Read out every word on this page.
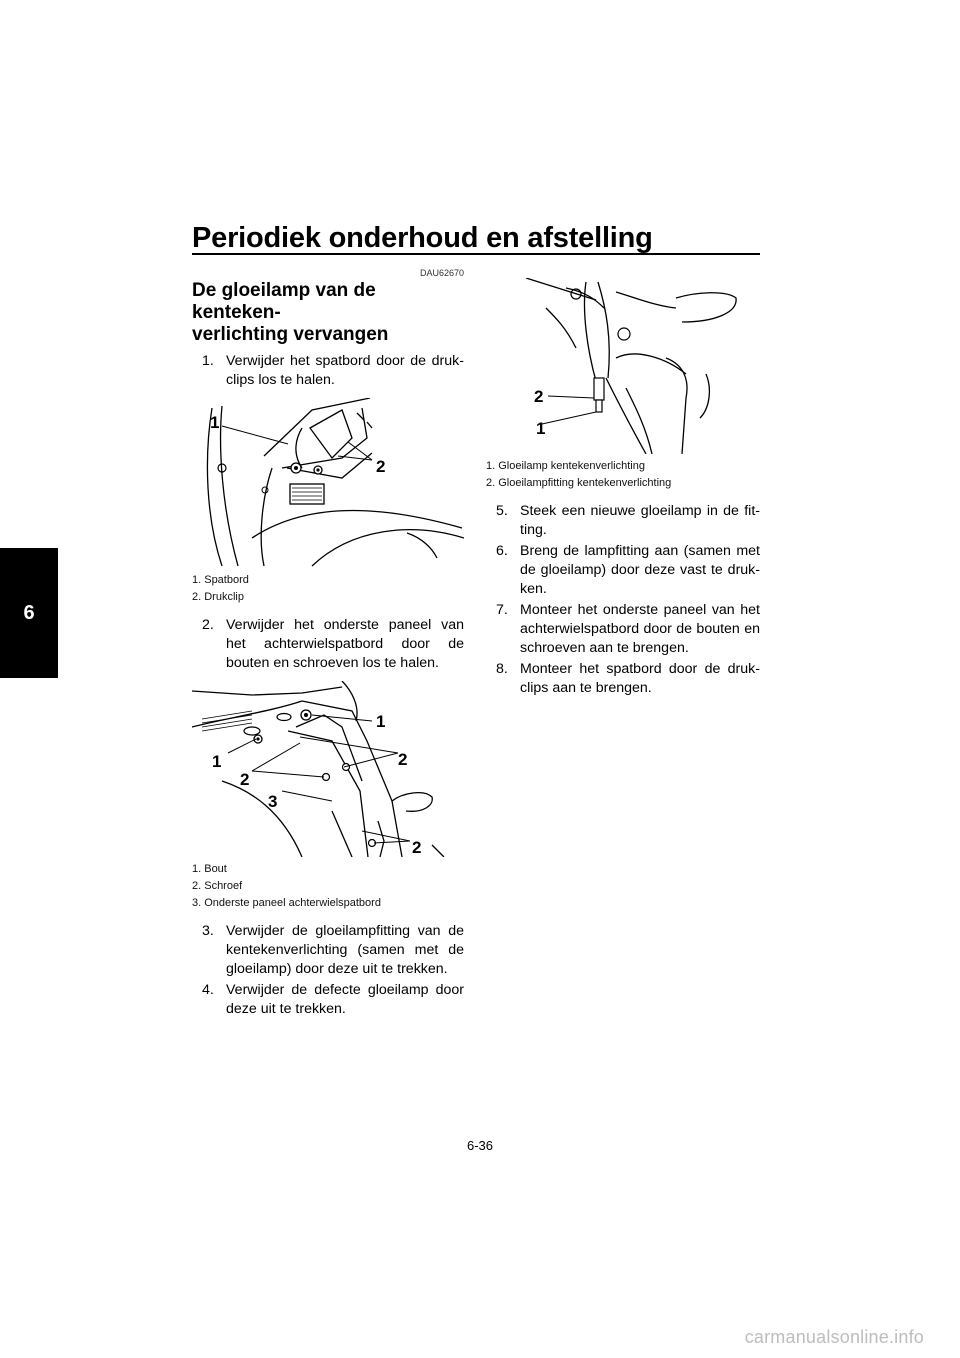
Periodiek onderhoud en afstelling
6
DAU62670
De gloeilamp van de kenteken-
verlichting vervangen
1. Verwijder het spatbord door de druk-clips los te halen.
1
2
1. Spatbord
2. Drukclip
2. Verwijder het onderste paneel van het achterwielspatbord door de bouten en schroeven los te halen.
1
1	2
2
2
3
1. Bout
2. Schroef
3. Onderste paneel achterwielspatbord
3. Verwijder de gloeilampfitting van de kentekenverlichting (samen met de gloeilamp) door deze uit te trekken.
4. Verwijder de defecte gloeilamp door deze uit te trekken.
2
1
1. Gloeilamp kentekenverlichting
2. Gloeilampfitting kentekenverlichting
5. Steek een nieuwe gloeilamp in de fit-ting.
6. Breng de lampfitting aan (samen met de gloeilamp) door deze vast te druk-ken.
7. Monteer het onderste paneel van het achterwielspatbord door de bouten en schroeven aan te brengen.
8. Monteer het spatbord door de druk-clips aan te brengen.
6-36
carmanualsonline.info
